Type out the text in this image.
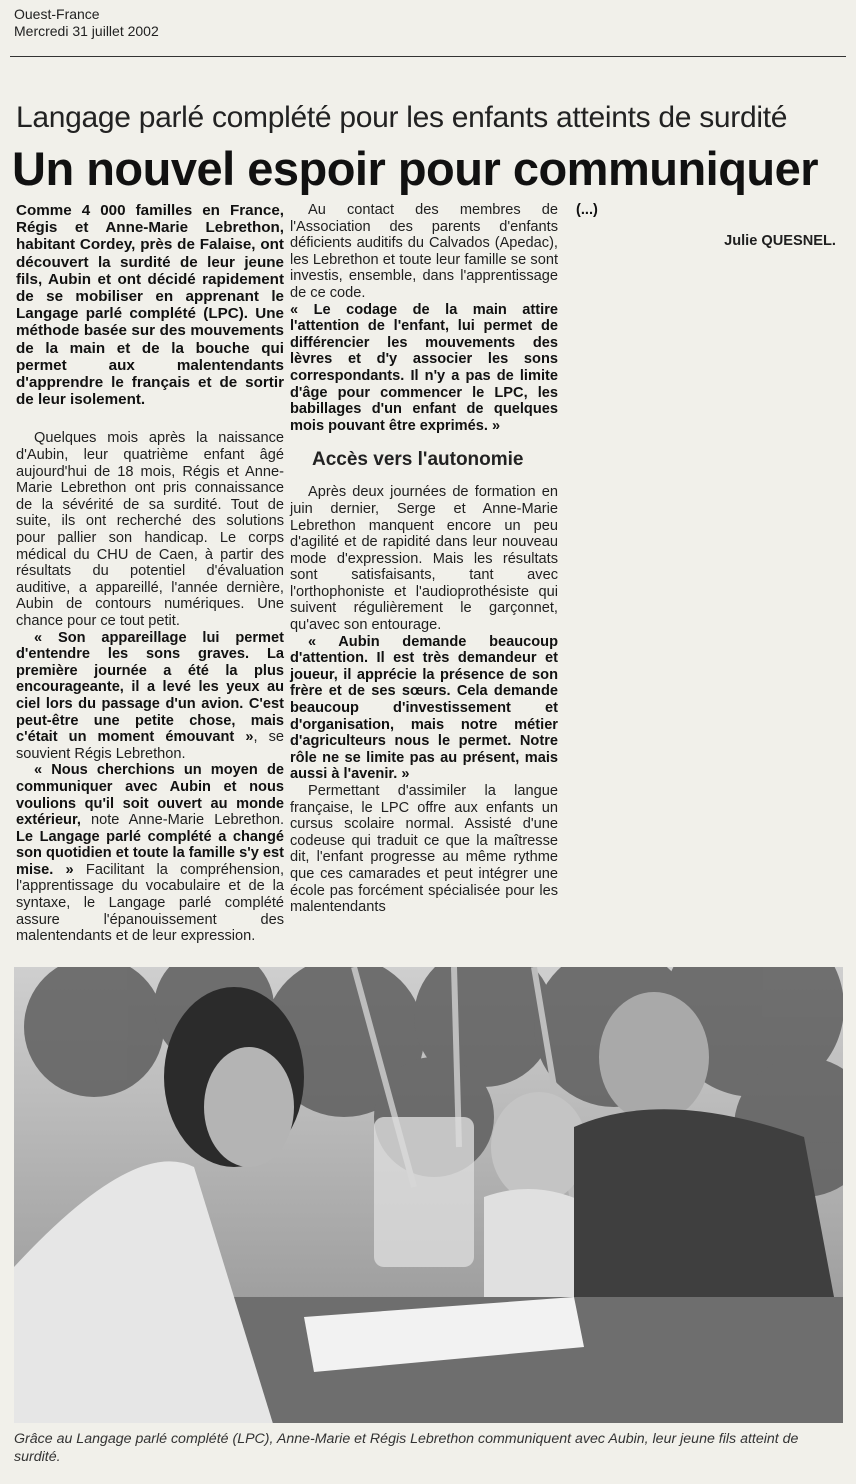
Ouest-France
Mercredi 31 juillet 2002
Langage parlé complété pour les enfants atteints de surdité
Un nouvel espoir pour communiquer

Comme 4 000 familles en France, Régis et Anne-Marie Lebrethon, habitant Cordey, près de Falaise, ont découvert la surdité de leur jeune fils, Aubin et ont décidé rapidement de se mobiliser en apprenant le Langage parlé complété (LPC). Une méthode basée sur des mouvements de la main et de la bouche qui permet aux malentendants d'apprendre le français et de sortir de leur isolement.

Quelques mois après la naissance d'Aubin, leur quatrième enfant âgé aujourd'hui de 18 mois, Régis et Anne-Marie Lebrethon ont pris connaissance de la sévérité de sa surdité. Tout de suite, ils ont recherché des solutions pour pallier son handicap. Le corps médical du CHU de Caen, à partir des résultats du potentiel d'évaluation auditive, a appareillé, l'année dernière, Aubin de contours numériques. Une chance pour ce tout petit.

« Son appareillage lui permet d'entendre les sons graves. La première journée a été la plus encourageante, il a levé les yeux au ciel lors du passage d'un avion. C'est peut-être une petite chose, mais c'était un moment émouvant », se souvient Régis Lebrethon.

« Nous cherchions un moyen de communiquer avec Aubin et nous voulions qu'il soit ouvert au monde extérieur, note Anne-Marie Lebrethon. Le Langage parlé complété a changé son quotidien et toute la famille s'y est mise. » Facilitant la compréhension, l'apprentissage du vocabulaire et de la syntaxe, le Langage parlé complété assure l'épanouissement des malentendants et de leur expression.

Au contact des membres de l'Association des parents d'enfants déficients auditifs du Calvados (Apedac), les Lebrethon et toute leur famille se sont investis, ensemble, dans l'apprentissage de ce code.

« Le codage de la main attire l'attention de l'enfant, lui permet de différencier les mouvements des lèvres et d'y associer les sons correspondants. Il n'y a pas de limite d'âge pour commencer le LPC, les babillages d'un enfant de quelques mois pouvant être exprimés. »

Accès vers l'autonomie

Après deux journées de formation en juin dernier, Serge et Anne-Marie Lebrethon manquent encore un peu d'agilité et de rapidité dans leur nouveau mode d'expression. Mais les résultats sont satisfaisants, tant avec l'orthophoniste et l'audioprothésiste qui suivent régulièrement le garçonnet, qu'avec son entourage.

« Aubin demande beaucoup d'attention. Il est très demandeur et joueur, il apprécie la présence de son frère et de ses sœurs. Cela demande beaucoup d'investissement et d'organisation, mais notre métier d'agriculteurs nous le permet. Notre rôle ne se limite pas au présent, mais aussi à l'avenir. »

Permettant d'assimiler la langue française, le LPC offre aux enfants un cursus scolaire normal. Assisté d'une codeuse qui traduit ce que la maîtresse dit, l'enfant progresse au même rythme que ces camarades et peut intégrer une école pas forcément spécialisée pour les malentendants

(...)

Julie QUESNEL.
Grâce au Langage parlé complété (LPC), Anne-Marie et Régis Lebrethon communiquent avec Aubin, leur jeune fils atteint de surdité.
